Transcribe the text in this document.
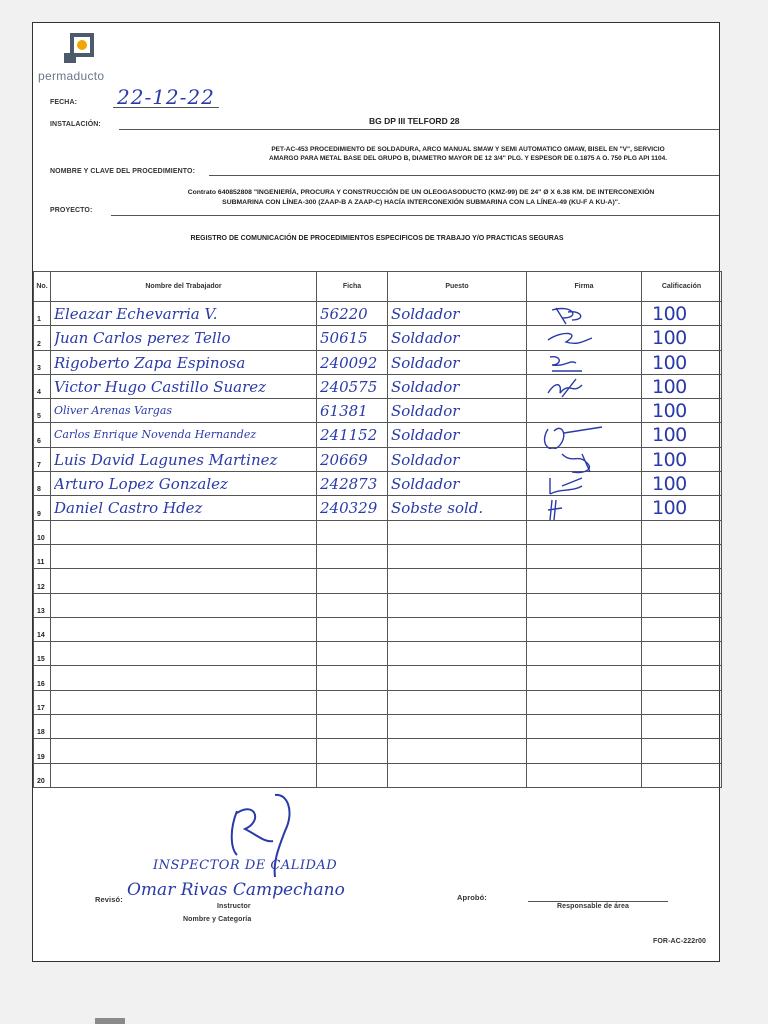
permaducto
FECHA: 22-12-22
INSTALACIÓN:	BG DP III TELFORD 28
PET-AC-453 PROCEDIMIENTO DE SOLDADURA, ARCO MANUAL SMAW Y SEMI AUTOMATICO GMAW, BISEL EN "V", SERVICIO
AMARGO PARA METAL BASE DEL GRUPO B, DIAMETRO MAYOR DE 12 3/4" PLG. Y ESPESOR DE 0.1875 A O. 750 PLG API 1104.
NOMBRE Y CLAVE DEL PROCEDIMIENTO:
Contrato 640852808 "INGENIERÍA, PROCURA Y CONSTRUCCIÓN DE UN OLEOGASODUCTO (KMZ-99) DE 24" Ø X 6.38 KM. DE INTERCONEXIÓN
SUBMARINA CON LÍNEA-300 (ZAAP-B A ZAAP-C) HACÍA INTERCONEXIÓN SUBMARINA CON LA LÍNEA-49 (KU-F A KU-A)".
PROYECTO:
REGISTRO DE COMUNICACIÓN DE PROCEDIMIENTOS ESPECIFICOS DE TRABAJO Y/O PRACTICAS SEGURAS
No.	Nombre del Trabajador	Ficha	Puesto	Firma	Calificación
1	Eleazar Echevarria V.	56220	Soldador		100

2	Juan Carlos perez Tello	50615	Soldador		100

3	Rigoberto Zapa Espinosa	240092	Soldador		100

4	Victor Hugo Castillo Suarez	240575	Soldador		100

5	Oliver Arenas Vargas	61381	Soldador		100

6	Carlos Enrique Novenda Hernandez	241152	Soldador		100

7	Luis David Lagunes Martinez	20669	Soldador		100

8	Arturo Lopez Gonzalez	242873	Soldador		100

9	Daniel Castro Hdez	240329	Sobste sold.		100

10	

11	

12	

13	

14	

15	

16	

17	

18	

19	

20	

INSPECTOR DE CALIDAD
Revisó: Omar Rivas Campechano
Instructor
Nombre y Categoría
Aprobó:
Responsable de área
FOR-AC-222r00
